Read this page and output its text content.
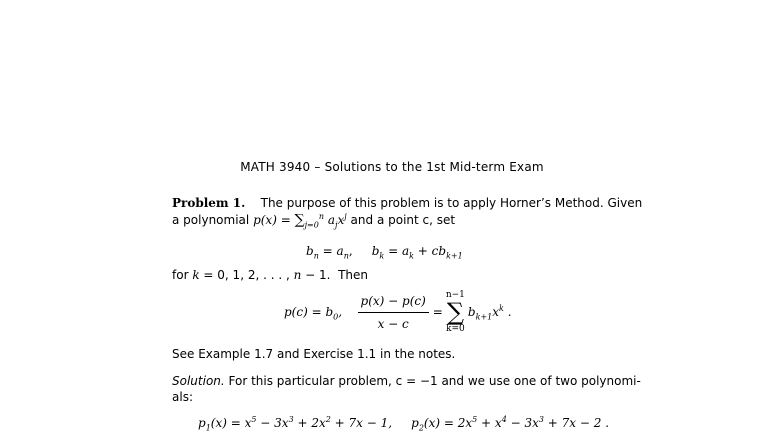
MATH 3940 – Solutions to the 1st Mid-term Exam
Problem 1. The purpose of this problem is to apply Horner’s Method. Given
a polynomial $p(x) = \sum_{j=0}^n$ $a_jx^j$ and a point c, set
$b_n = a_n$,     $b_k = a_k + cb_{k+1}$
for k = 0, 1, 2, . . . , n − 1.  Then
$p(c) = b_0$,
$\frac{p(x) - p(c)}{x - c}$ =
n−1
∑
k=0
$b_{k+1}x^k$ .
See Example 1.7 and Exercise 1.1 in the notes.
Solution. For this particular problem, c = −1 and we use one of two polynomi-
als:
$p_1(x) = x^5 - 3x^3 + 2x^2 + 7x - 1$, $p_2(x) = 2x^5 + x^4 - 3x^3 + 7x - 2$ .
